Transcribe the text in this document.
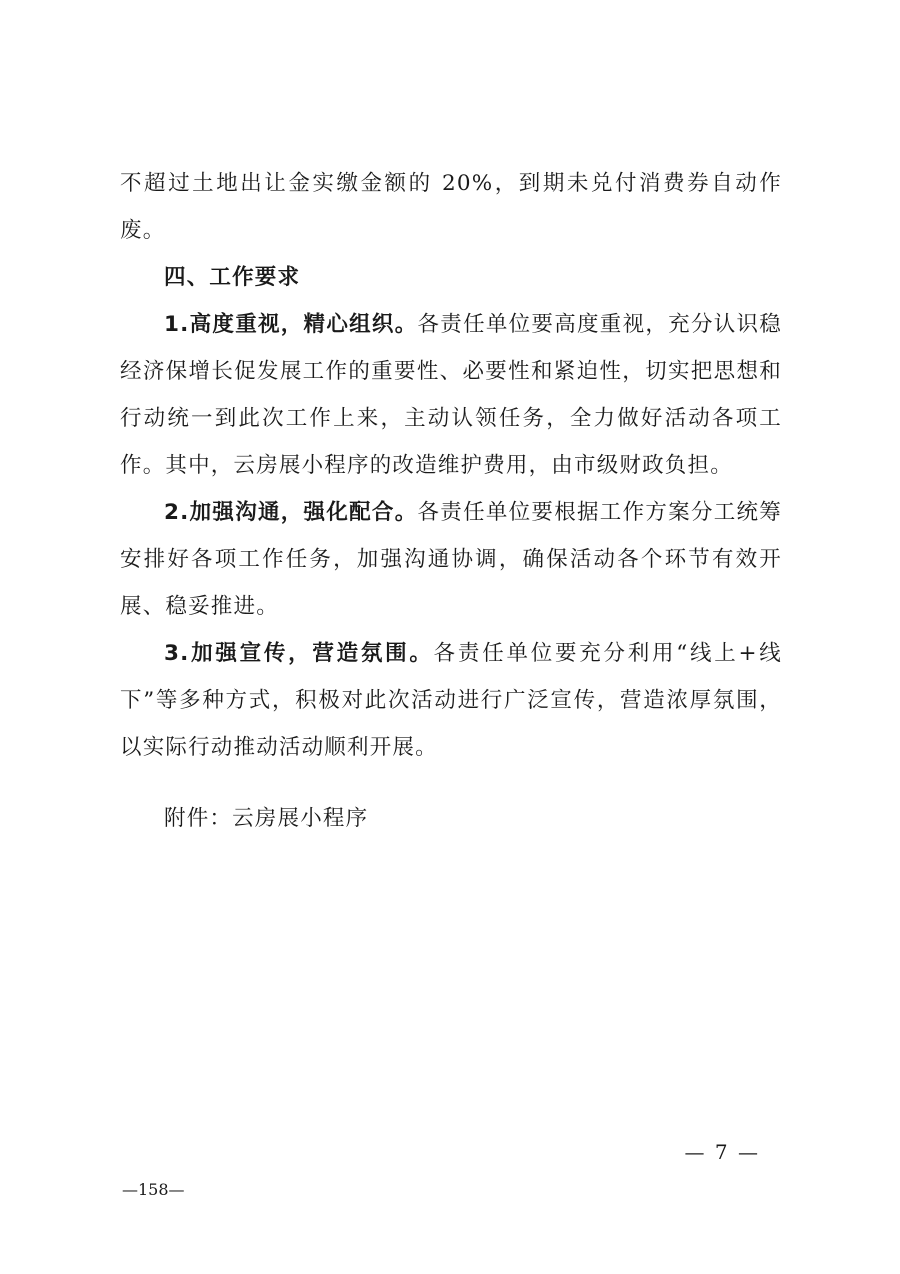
不超过土地出让金实缴金额的 20%，到期未兑付消费券自动作废。

四、工作要求

1.高度重视，精心组织。各责任单位要高度重视，充分认识稳经济保增长促发展工作的重要性、必要性和紧迫性，切实把思想和行动统一到此次工作上来，主动认领任务，全力做好活动各项工作。其中，云房展小程序的改造维护费用，由市级财政负担。

2.加强沟通，强化配合。各责任单位要根据工作方案分工统筹安排好各项工作任务，加强沟通协调，确保活动各个环节有效开展、稳妥推进。

3.加强宣传，营造氛围。各责任单位要充分利用“线上+线下”等多种方式，积极对此次活动进行广泛宣传，营造浓厚氛围，以实际行动推动活动顺利开展。

附件：云房展小程序

— 7 —
—158—
